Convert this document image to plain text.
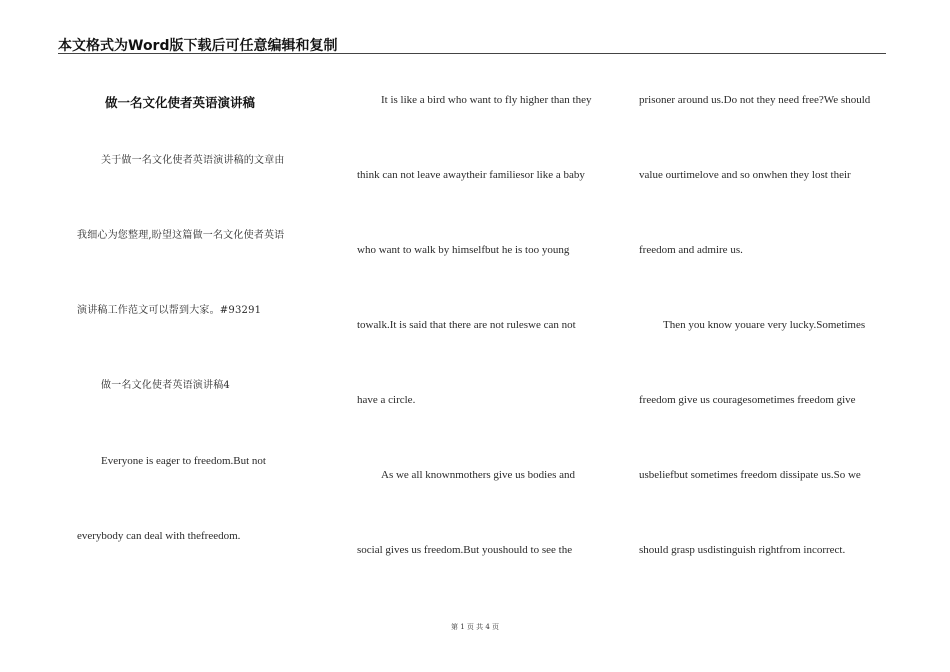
本文格式为Word版下载后可任意编辑和复制
做一名文化使者英语演讲稿
关于做一名文化使者英语演讲稿的文章由
我细心为您整理,盼望这篇做一名文化使者英语
演讲稿工作范文可以帮到大家。#93291
做一名文化使者英语演讲稿4
Everyone is eager to freedom.But not
everybody can deal with thefreedom.
It is like a bird who want to fly higher than they
think can not leave awaytheir familiesor like a baby
who want to walk by himselfbut he is too young
towalk.It is said that there are not ruleswe can not
have a circle.
As we all knownmothers give us bodies and
social gives us freedom.But youshould to see the
prisoner around us.Do not they need free?We should
value ourtimelove and so onwhen they lost their
freedom and admire us.
Then you know youare very lucky.Sometimes
freedom give us couragesometimes freedom give
usbeliefbut sometimes freedom dissipate us.So we
should grasp usdistinguish rightfrom incorrect.
第 1 页 共 4 页
